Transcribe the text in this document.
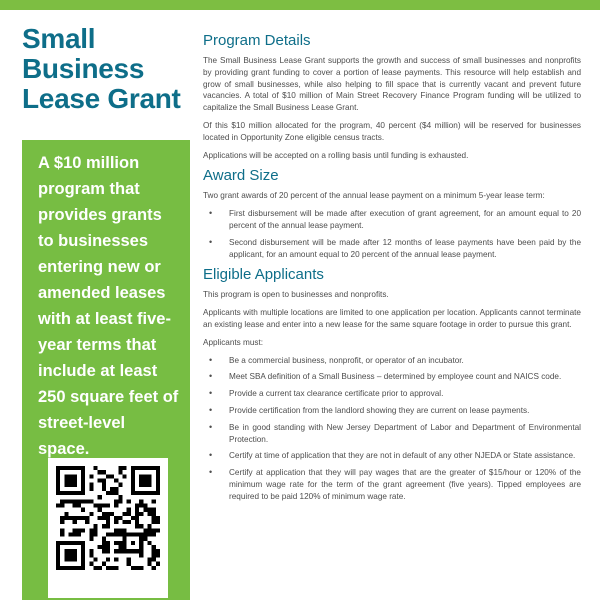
Small
Business
Lease Grant
A $10 million program that provides grants to businesses entering new or amended leases with at least five-year terms that include at least 250 square feet of street-level space.
Program Details

The Small Business Lease Grant supports the growth and success of small businesses and nonprofits by providing grant funding to cover a portion of lease payments. This resource will help establish and grow of small businesses, while also helping to fill space that is currently vacant and prevent future vacancies. A total of $10 million of Main Street Recovery Finance Program funding will be utilized to capitalize the Small Business Lease Grant.

Of this $10 million allocated for the program, 40 percent ($4 million) will be reserved for businesses located in Opportunity Zone eligible census tracts.

Applications will be accepted on a rolling basis until funding is exhausted.

Award Size

Two grant awards of 20 percent of the annual lease payment on a minimum 5-year lease term:

• First disbursement will be made after execution of grant agreement, for an amount equal to 20 percent of the annual lease payment.
• Second disbursement will be made after 12 months of lease payments have been paid by the applicant, for an amount equal to 20 percent of the annual lease payment.
Eligible Applicants

This program is open to businesses and nonprofits.

Applicants with multiple locations are limited to one application per location. Applicants cannot terminate an existing lease and enter into a new lease for the same square footage in order to pursue this grant.

Applicants must:

• Be a commercial business, nonprofit, or operator of an incubator.
• Meet SBA definition of a Small Business – determined by employee count and NAICS code.
• Provide a current tax clearance certificate prior to approval.
• Provide certification from the landlord showing they are current on lease payments.
• Be in good standing with New Jersey Department of Labor and Department of Environmental Protection.
• Certify at time of application that they are not in default of any other NJEDA or State assistance.
• Certify at application that they will pay wages that are the greater of $15/hour or 120% of the minimum wage rate for the term of the grant agreement (five years). Tipped employees are required to be paid 120% of minimum wage rate.
